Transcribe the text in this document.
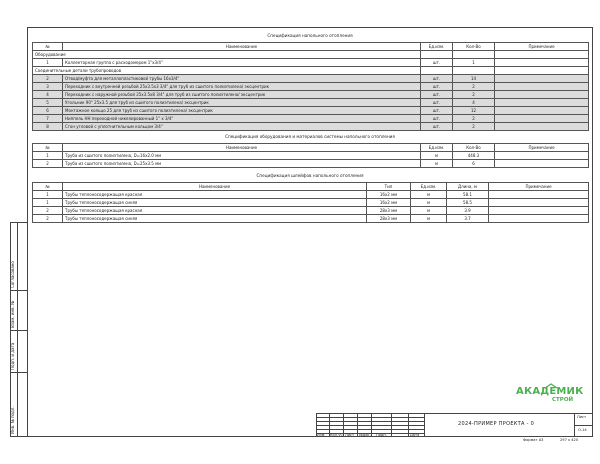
Согласовано
Взам. инв. №
Подп. и дата
Инв. № подл.
Спецификация напольного отопления
№	Наименование	Ед.изм.	Кол-Во	Примечание
Оборудование				
1	Коллекторная группа с расходомером 1"х3/4"	шт.	1	
Соединительные детали трубопроводов				
2	Отвод/муфта для металлопластиковой трубы 16х3/4"	шт.	14	
3	Переходник с внутренней резьбой 25х3.5х3 3/4" для труб из сшитого полиэтилена/ эксцентрик	шт.	2	
4	Переходник с наружной резьбой 25х3.5х8 3/4" для труб из сшитого полиэтилена/ эксцентрик	шт.	2	
5	Угольник 90° 25х3.5 для труб из сшитого полиэтилена/ эксцентрик	шт.	4	
6	Монтажное кольцо 25 для труб из сшитого полиэтилена/ эксцентрик	шт.	12	
7	Ниппель НН переходной никелированный 1" х 3/4"	шт.	2	
8	Сгон угловой с уплотнительным кольцом 3/4"	шт.	2	
Спецификация оборудования и материалов системы напольного отопления
№	Наименование	Ед.изм.	Кол-Во	Примечание
1	Труба из сшитого полиэтилена, D=16х2.0 мм	м	448.3	
2	Труба из сшитого полиэтилена, D=25х3.5 мм	м	6	
Спецификация шлейфов напольного отопления
№	Наименование	Тип	Ед.изм.	Длина, м	Примечание
1	Трубы теплоносодержащая красная	16х2 мм	м	58.1	
1	Трубы теплоносодержащая синяя	16х2 мм	м	58.5	
2	Трубы теплоносодержащая красная	28х3 мм	м	3.9	
2	Трубы теплоносодержащая синяя	28х3 мм	м	3.7	
АКАДЕМИК
СТРОЙ
Изм. Кол.уч Лист №док. Подп.	Дата
Лист
О-14
2024-ПРИМЕР ПРОЕКТА - 0
Формат А3	297 x 420
